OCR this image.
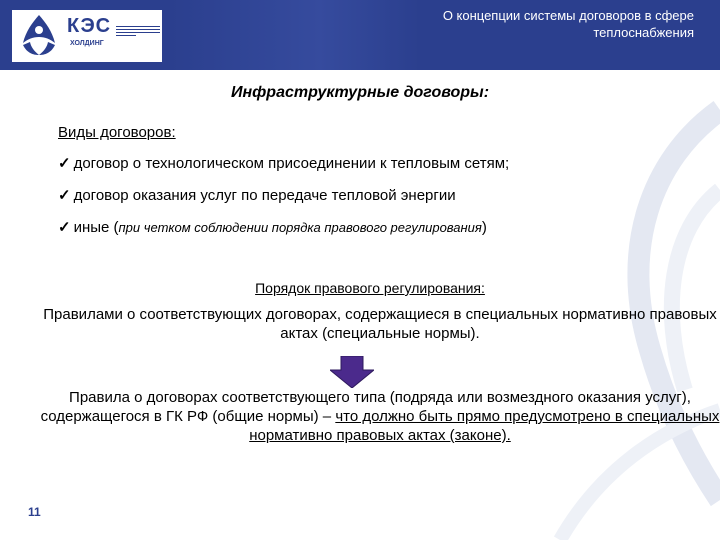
КЭС
ХОЛДИНГ
О концепции системы договоров в сфере
теплоснабжения
Инфраструктурные договоры:
Виды договоров:
✓ договор о технологическом присоединении к тепловым сетям;
✓ договор оказания услуг по передаче тепловой энергии
✓ иные (при четком соблюдении порядка правового регулирования)
Порядок правового регулирования:
Правилами о соответствующих договорах, содержащиеся в специальных нормативно правовых актах (специальные нормы).
Правила о договорах соответствующего типа (подряда или возмездного оказания услуг), содержащегося в ГК РФ (общие нормы) – что должно быть прямо предусмотрено в специальных нормативно правовых актах (законе).
11
